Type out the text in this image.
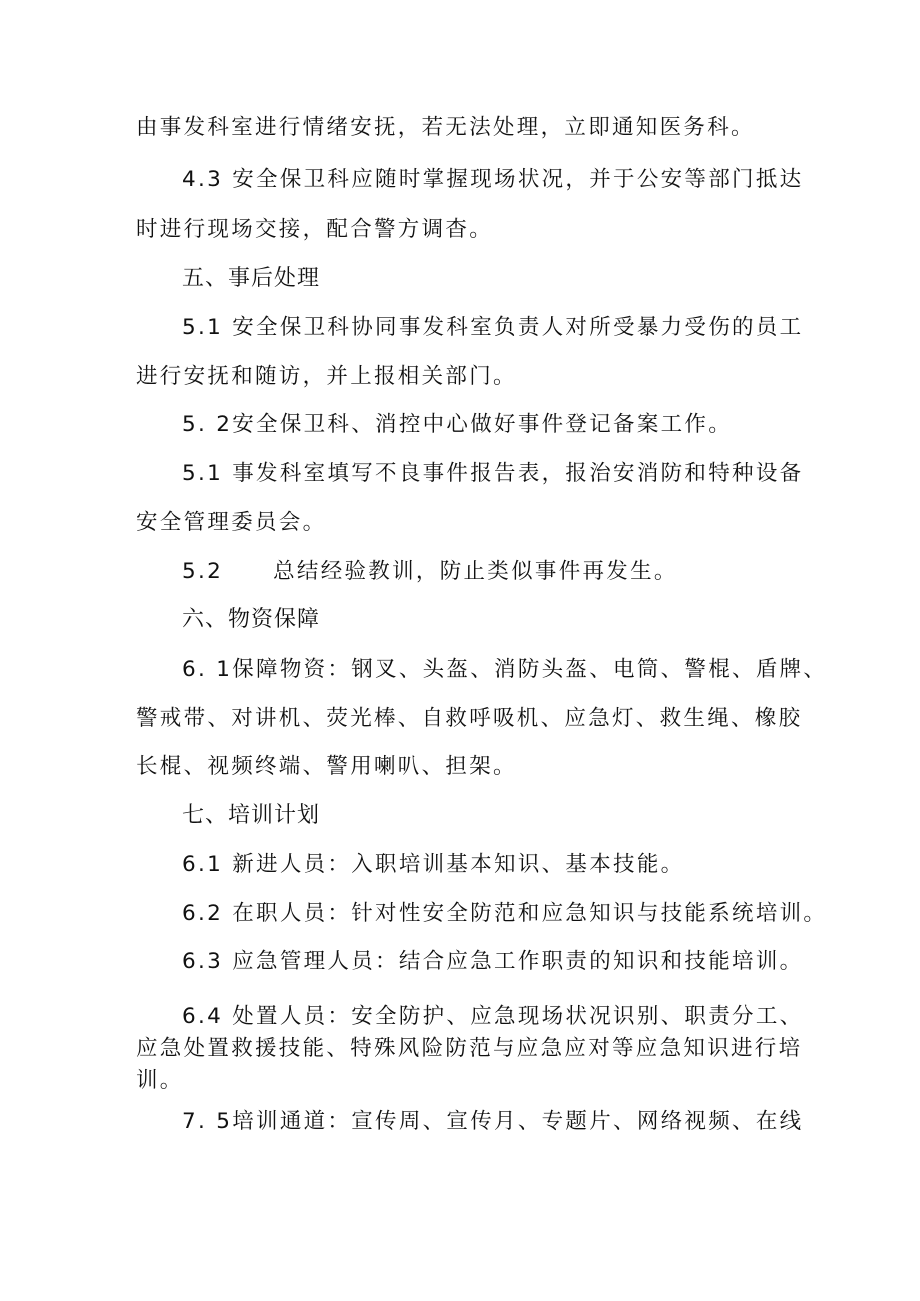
由事发科室进行情绪安抚，若无法处理，立即通知医务科。
4.3 安全保卫科应随时掌握现场状况，并于公安等部门抵达
时进行现场交接，配合警方调杳。
五、事后处理
5.1 安全保卫科协同事发科室负责人对所受暴力受伤的员工
进行安抚和随访，并上报相关部门。
5. 2安全保卫科、消控中心做好事件登记备案工作。
5.1 事发科室填写不良事件报告表，报治安消防和特种设备
安全管理委员会。
5.2 总结经验教训，防止类似事件再发生。
六、物资保障
6. 1保障物资：钢叉、头盔、消防头盔、电筒、警棍、盾牌、
警戒带、对讲机、荧光棒、自救呼吸机、应急灯、救生绳、橡胶
长棍、视频终端、警用喇叭、担架。
七、培训计划
6.1 新进人员：入职培训基本知识、基本技能。
6.2 在职人员：针对性安全防范和应急知识与技能系统培训。
6.3 应急管理人员：结合应急工作职责的知识和技能培训。
6.4 处置人员：安全防护、应急现场状况识别、职责分工、
应急处置救援技能、特殊风险防范与应急应对等应急知识进行培
训。
7. 5培训通道：宣传周、宣传月、专题片、网络视频、在线
